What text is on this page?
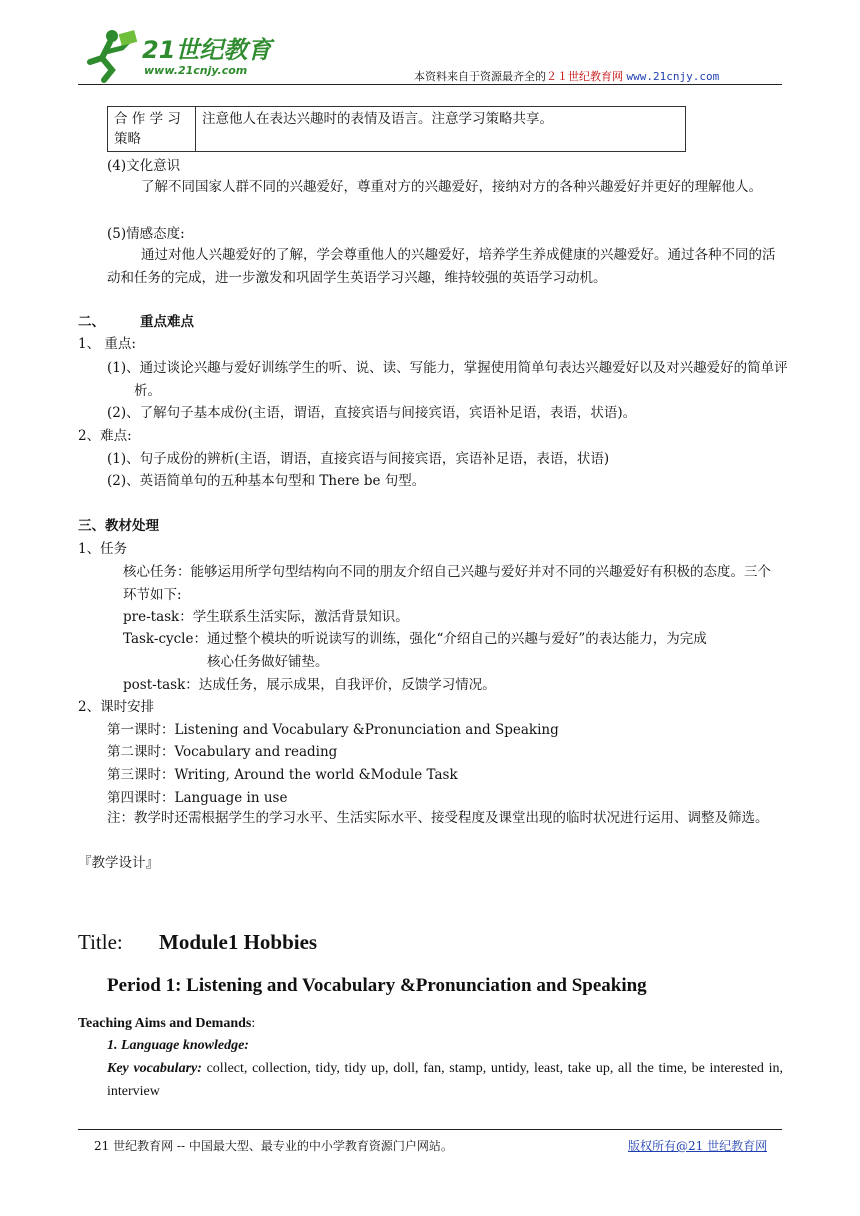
21世纪教育
www.21cnjy.com	本资料来自于资源最齐全的２１世纪教育网 www.21cnjy.com
合 作 学 习 策略	注意他人在表达兴趣时的表情及语言。注意学习策略共享。
(4)文化意识
了解不同国家人群不同的兴趣爱好，尊重对方的兴趣爱好，接纳对方的各种兴趣爱好并更好的理解他人。
(5)情感态度:
通过对他人兴趣爱好的了解，学会尊重他人的兴趣爱好，培养学生养成健康的兴趣爱好。通过各种不同的活动和任务的完成，进一步激发和巩固学生英语学习兴趣，维持较强的英语学习动机。
二、	重点难点
1、 重点:
(1)、通过谈论兴趣与爱好训练学生的听、说、读、写能力，掌握使用简单句表达兴趣爱好以及对兴趣爱好的简单评析。
(2)、了解句子基本成份(主语，谓语，直接宾语与间接宾语，宾语补足语，表语，状语)。
2、难点:
(1)、句子成份的辨析(主语，谓语，直接宾语与间接宾语，宾语补足语，表语，状语)
(2)、英语简单句的五种基本句型和 There be 句型。
三、教材处理
1、任务
核心任务：能够运用所学句型结构向不同的朋友介绍自己兴趣与爱好并对不同的兴趣爱好有积极的态度。三个环节如下:
pre-task：学生联系生活实际，激活背景知识。
Task-cycle：通过整个模块的听说读写的训练，强化“介绍自己的兴趣与爱好”的表达能力，为完成
核心任务做好铺垫。
post-task：达成任务，展示成果，自我评价，反馈学习情况。
2、课时安排
第一课时：Listening and Vocabulary &Pronunciation and Speaking
第二课时：Vocabulary and reading
第三课时：Writing, Around the world &Module Task
第四课时：Language in use
注：教学时还需根据学生的学习水平、生活实际水平、接受程度及课堂出现的临时状况进行运用、调整及筛选。
『教学设计』
Title: Module1 Hobbies
Period 1: Listening and Vocabulary &Pronunciation and Speaking
Teaching Aims and Demands:
1. Language knowledge:
Key vocabulary: collect, collection, tidy, tidy up, doll, fan, stamp, untidy, least, take up, all the time, be interested in, interview
21 世纪教育网 -- 中国最大型、最专业的中小学教育资源门户网站。	版权所有@21 世纪教育网
